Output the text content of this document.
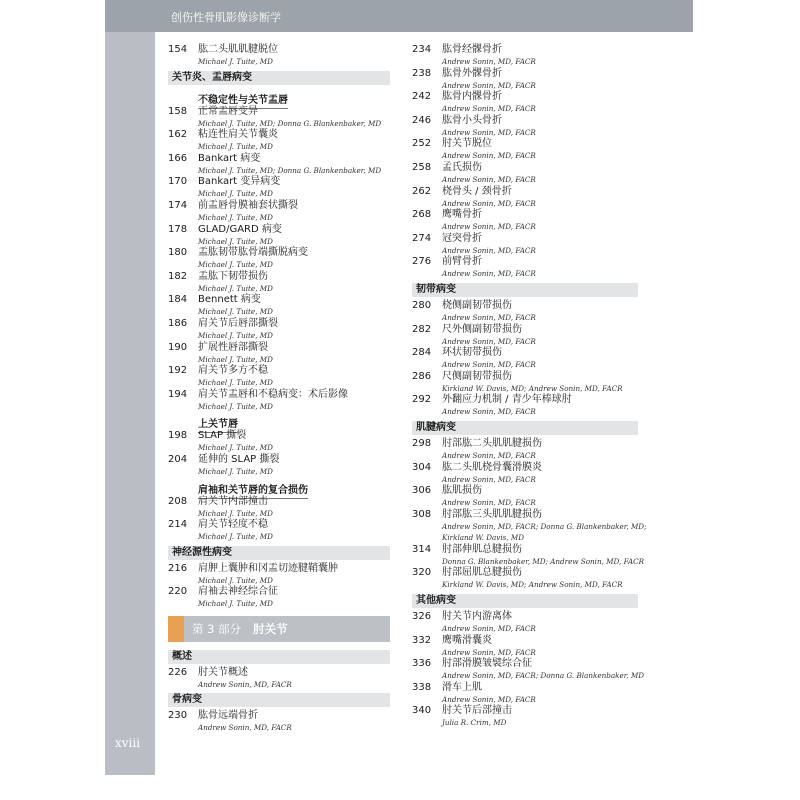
创伤性骨肌影像诊断学
xviii
154	肱二头肌肌腱脱位
Michael J. Tuite, MD
关节炎、盂唇病变
不稳定性与关节盂唇
158	正常盂唇变异
Michael J. Tuite, MD; Donna G. Blankenbaker, MD
162	粘连性肩关节囊炎
Michael J. Tuite, MD
166	Bankart 病变
Michael J. Tuite, MD; Donna G. Blankenbaker, MD
170	Bankart 变异病变
Michael J. Tuite, MD
174	前盂唇骨膜袖套状撕裂
Michael J. Tuite, MD
178	GLAD/GARD 病变
Michael J. Tuite, MD
180	盂肱韧带肱骨端撕脱病变
Michael J. Tuite, MD
182	盂肱下韧带损伤
Michael J. Tuite, MD
184	Bennett 病变
Michael J. Tuite, MD
186	肩关节后唇部撕裂
Michael J. Tuite, MD
190	扩展性唇部撕裂
Michael J. Tuite, MD
192	肩关节多方不稳
Michael J. Tuite, MD
194	肩关节盂唇和不稳病变：术后影像
Michael J. Tuite, MD
上关节唇
198	SLAP 撕裂
Michael J. Tuite, MD
204	延伸的 SLAP 撕裂
Michael J. Tuite, MD
肩袖和关节唇的复合损伤
208	肩关节内部撞击
Michael J. Tuite, MD
214	肩关节轻度不稳
Michael J. Tuite, MD
神经源性病变
216	肩胛上囊肿和冈盂切迹腱鞘囊肿
Michael J. Tuite, MD
220	肩袖去神经综合征
Michael J. Tuite, MD
第 3 部分 肘关节
概述
226	肘关节概述
Andrew Sonin, MD, FACR
骨病变
230	肱骨远端骨折
Andrew Sonin, MD, FACR
234	肱骨经髁骨折
Andrew Sonin, MD, FACR
238	肱骨外髁骨折
Andrew Sonin, MD, FACR
242	肱骨内髁骨折
Andrew Sonin, MD, FACR
246	肱骨小头骨折
Andrew Sonin, MD, FACR
252	肘关节脱位
Andrew Sonin, MD, FACR
258	孟氏损伤
Andrew Sonin, MD, FACR
262	桡骨头 / 颈骨折
Andrew Sonin, MD, FACR
268	鹰嘴骨折
Andrew Sonin, MD, FACR
274	冠突骨折
Andrew Sonin, MD, FACR
276	前臂骨折
Andrew Sonin, MD, FACR
韧带病变
280	桡侧副韧带损伤
Andrew Sonin, MD, FACR
282	尺外侧副韧带损伤
Andrew Sonin, MD, FACR
284	环状韧带损伤
Andrew Sonin, MD, FACR
286	尺侧副韧带损伤
Kirkland W. Davis, MD; Andrew Sonin, MD, FACR
292	外翻应力机制 / 青少年棒球肘
Andrew Sonin, MD, FACR
肌腱病变
298	肘部肱二头肌肌腱损伤
Andrew Sonin, MD, FACR
304	肱二头肌桡骨囊滑膜炎
Andrew Sonin, MD, FACR
306	肱肌损伤
Andrew Sonin, MD, FACR
308	肘部肱三头肌肌腱损伤
Andrew Sonin, MD, FACR; Donna G. Blankenbaker, MD;
Kirkland W. Davis, MD
314	肘部伸肌总腱损伤
Donna G. Blankenbaker, MD; Andrew Sonin, MD, FACR
320	肘部屈肌总腱损伤
Kirkland W. Davis, MD; Andrew Sonin, MD, FACR
其他病变
326	肘关节内游离体
Andrew Sonin, MD, FACR
332	鹰嘴滑囊炎
Andrew Sonin, MD, FACR
336	肘部滑膜皱襞综合征
Andrew Sonin, MD, FACR; Donna G. Blankenbaker, MD
338	滑车上肌
Andrew Sonin, MD, FACR
340	肘关节后部撞击
Julia R. Crim, MD
